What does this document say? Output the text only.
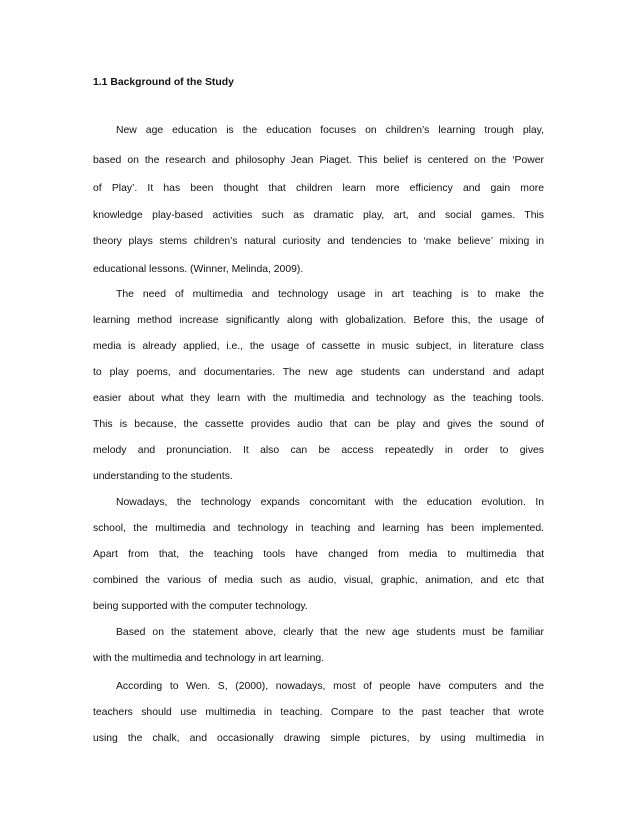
1.1 Background of the Study
New age education is the education focuses on children’s learning trough play,
based on the research and philosophy Jean Piaget. This belief is centered on the ‘Power
of Play’. It has been thought that children learn more efficiency and gain more
knowledge play-based activities such as dramatic play, art, and social games. This
theory plays stems children’s natural curiosity and tendencies to ‘make believe’ mixing in
educational lessons. (Winner, Melinda, 2009).
The need of multimedia and technology usage in art teaching is to make the
learning method increase significantly along with globalization. Before this, the usage of
media is already applied, i.e., the usage of cassette in music subject, in literature class
to play poems, and documentaries. The new age students can understand and adapt
easier about what they learn with the multimedia and technology as the teaching tools.
This is because, the cassette provides audio that can be play and gives the sound of
melody and pronunciation. It also can be access repeatedly in order to gives
understanding to the students.
Nowadays, the technology expands concomitant with the education evolution. In
school, the multimedia and technology in teaching and learning has been implemented.
Apart from that, the teaching tools have changed from media to multimedia that
combined the various of media such as audio, visual, graphic, animation, and etc that
being supported with the computer technology.
Based on the statement above, clearly that the new age students must be familiar
with the multimedia and technology in art learning.
According to Wen. S, (2000), nowadays, most of people have computers and the
teachers should use multimedia in teaching. Compare to the past teacher that wrote
using the chalk, and occasionally drawing simple pictures, by using multimedia in
